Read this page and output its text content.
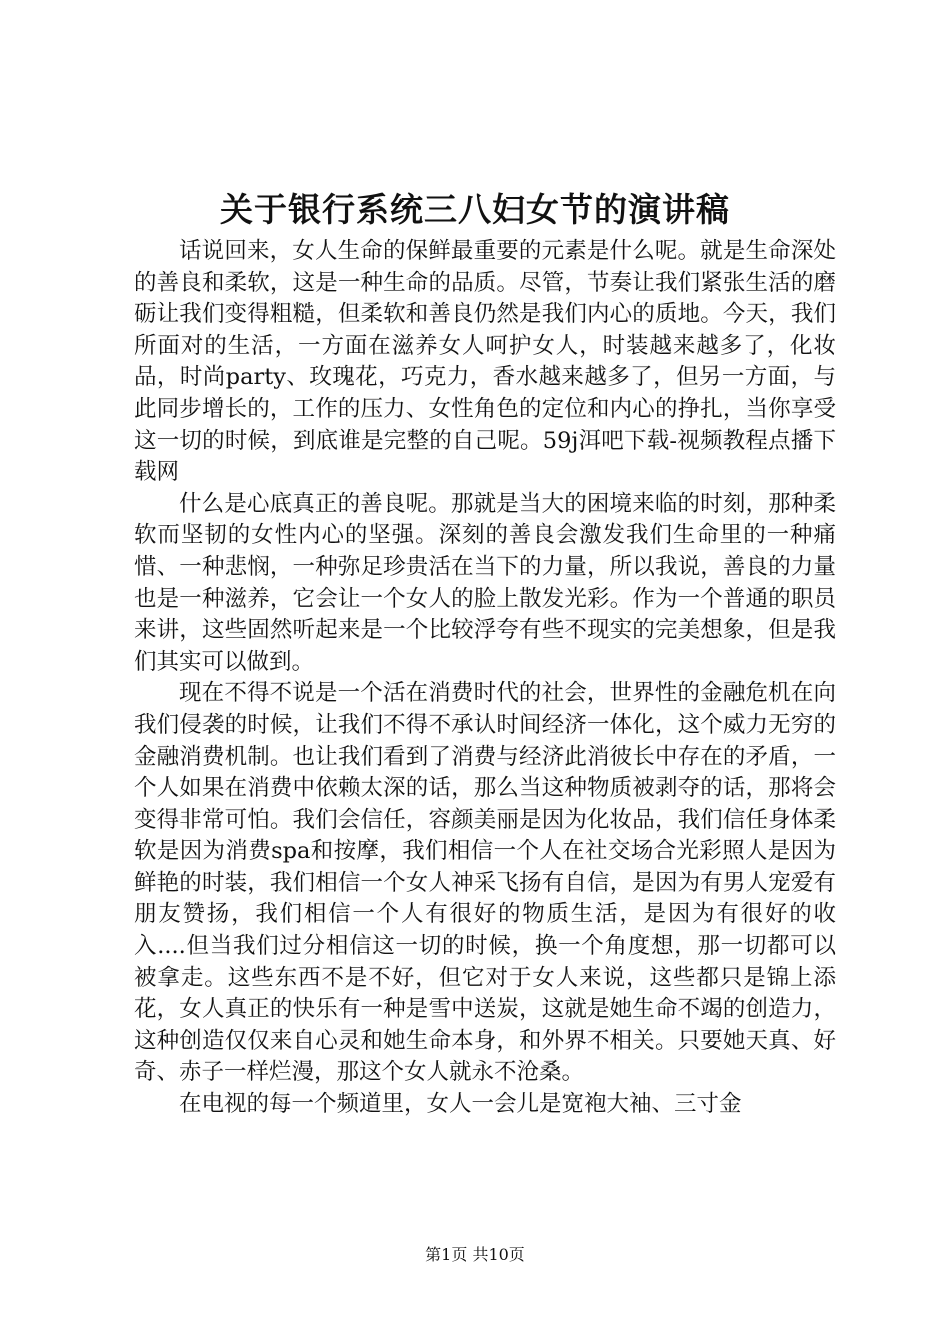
关于银行系统三八妇女节的演讲稿

话说回来，女人生命的保鲜最重要的元素是什么呢。就是生命深处的善良和柔软，这是一种生命的品质。尽管，节奏让我们紧张生活的磨砺让我们变得粗糙，但柔软和善良仍然是我们内心的质地。今天，我们所面对的生活，一方面在滋养女人呵护女人，时装越来越多了，化妆品，时尚party、玫瑰花，巧克力，香水越来越多了，但另一方面，与此同步增长的，工作的压力、女性角色的定位和内心的挣扎，当你享受这一切的时候，到底谁是完整的自己呢。59j洱吧下载-视频教程点播下载网

什么是心底真正的善良呢。那就是当大的困境来临的时刻，那种柔软而坚韧的女性内心的坚强。深刻的善良会激发我们生命里的一种痛惜、一种悲悯，一种弥足珍贵活在当下的力量，所以我说，善良的力量也是一种滋养，它会让一个女人的脸上散发光彩。作为一个普通的职员来讲，这些固然听起来是一个比较浮夸有些不现实的完美想象，但是我们其实可以做到。

现在不得不说是一个活在消费时代的社会，世界性的金融危机在向我们侵袭的时候，让我们不得不承认时间经济一体化，这个威力无穷的金融消费机制。也让我们看到了消费与经济此消彼长中存在的矛盾，一个人如果在消费中依赖太深的话，那么当这种物质被剥夺的话，那将会变得非常可怕。我们会信任，容颜美丽是因为化妆品，我们信任身体柔软是因为消费spa和按摩，我们相信一个人在社交场合光彩照人是因为鲜艳的时装，我们相信一个女人神采飞扬有自信，是因为有男人宠爱有朋友赞扬，我们相信一个人有很好的物质生活，是因为有很好的收入....但当我们过分相信这一切的时候，换一个角度想，那一切都可以被拿走。这些东西不是不好，但它对于女人来说，这些都只是锦上添花，女人真正的快乐有一种是雪中送炭，这就是她生命不竭的创造力，这种创造仅仅来自心灵和她生命本身，和外界不相关。只要她天真、好奇、赤子一样烂漫，那这个女人就永不沧桑。

在电视的每一个频道里，女人一会儿是宽袍大袖、三寸金

第1页 共10页
